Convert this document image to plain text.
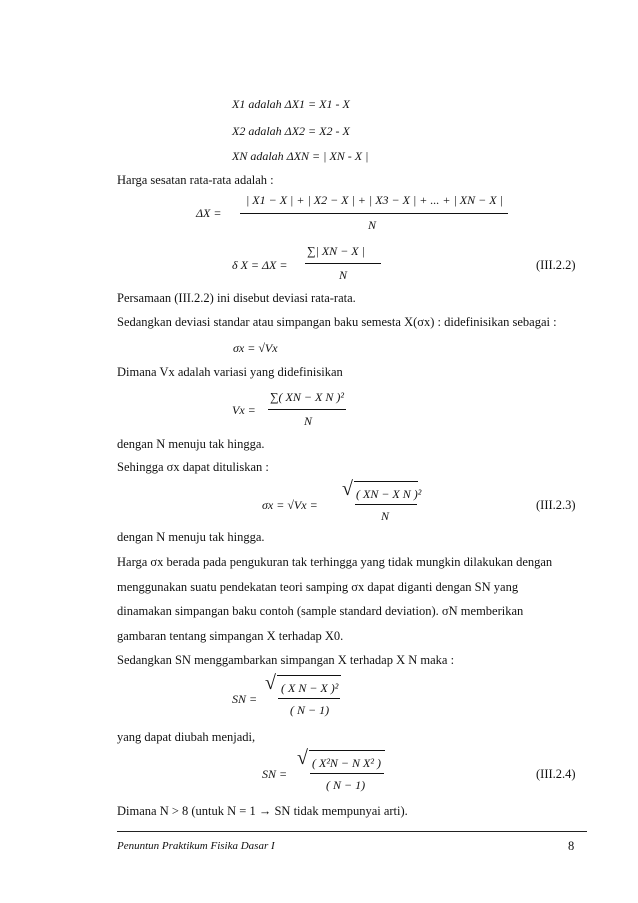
X1 adalah ΔX1 = X1 - X
X2 adalah ΔX2 = X2 - X
XN adalah ΔXN = | XN - X |
Harga sesatan rata-rata adalah :
ΔX =
| X1 − X | + | X2 − X | + | X3 − X | + ... + | XN − X |
N
δ X = ΔX =
∑| XN − X |
N
(III.2.2)
Persamaan (III.2.2) ini disebut deviasi rata-rata.
Sedangkan deviasi standar atau simpangan baku semesta X(σx) : didefinisikan sebagai :
σx = √Vx
Dimana Vx adalah variasi yang didefinisikan
Vx =
∑( XN − X N )²
N
dengan N menuju tak hingga.
Sehingga σx dapat dituliskan :
σx = √Vx =
√ ( XN − X N )²
N
(III.2.3)
dengan N menuju tak hingga.
Harga σx berada pada pengukuran tak terhingga yang tidak mungkin dilakukan dengan
menggunakan suatu pendekatan teori samping σx dapat diganti dengan SN yang
dinamakan simpangan baku contoh (sample standard deviation). σN memberikan
gambaran tentang simpangan X terhadap X0.
Sedangkan SN menggambarkan simpangan X terhadap X N maka :
SN =
√ ( X N − X )²
( N − 1)
yang dapat diubah menjadi,
SN =
√ ( X²N − N X² )
( N − 1)
(III.2.4)
Dimana N > 8 (untuk N = 1 → SN tidak mempunyai arti).
Penuntun Praktikum Fisika Dasar I	8
